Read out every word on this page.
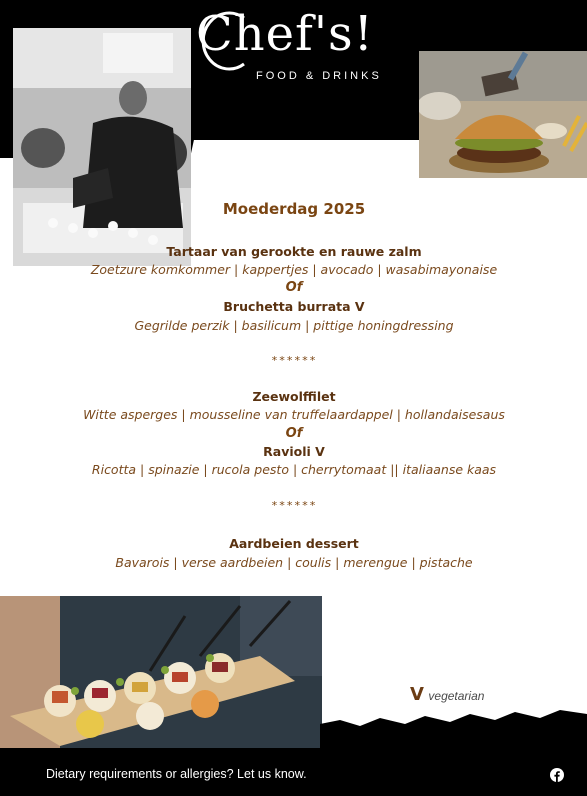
Chef's!
FOOD & DRINKS
Moederdag 2025
Tartaar van gerookte en rauwe zalm
Zoetzure komkommer | kappertjes | avocado | wasabimayonaise
Of
Bruchetta burrata V
Gegrilde perzik | basilicum | pittige honingdressing
******
Zeewolffilet
Witte asperges | mousseline van truffelaardappel | hollandaisesaus
Of
Ravioli V
Ricotta | spinazie | rucola pesto | cherrytomaat || italiaanse kaas
******
Aardbeien dessert
Bavarois | verse aardbeien | coulis | merengue | pistache
V vegetarian
Dietary requirements or allergies? Let us know.
